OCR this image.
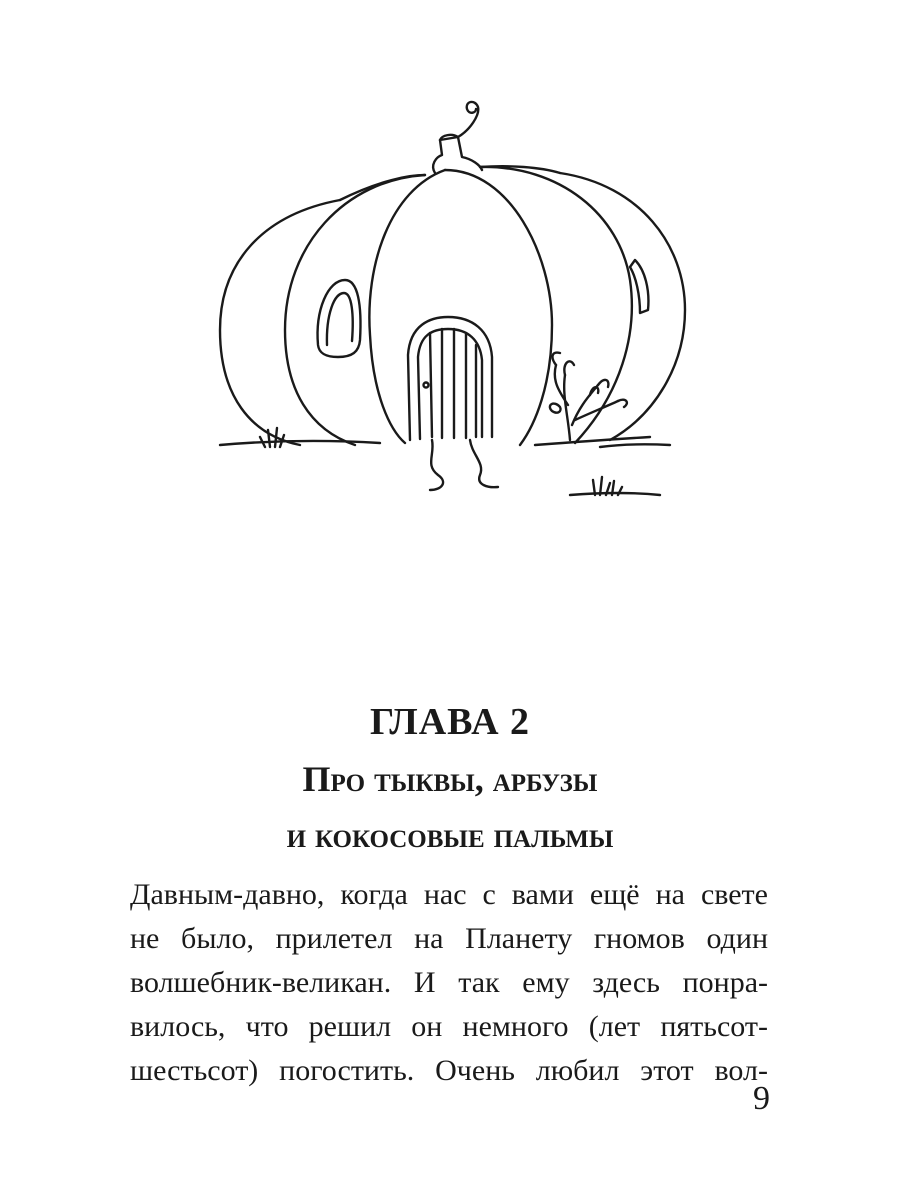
ГЛАВА 2
Про тыквы, арбузы
и кокосовые пальмы
Давным-давно, когда нас с вами ещё на свете
не было, прилетел на Планету гномов один
волшебник-великан. И так ему здесь понра-
вилось, что решил он немного (лет пятьсот-
шестьсот) погостить. Очень любил этот вол-
9
